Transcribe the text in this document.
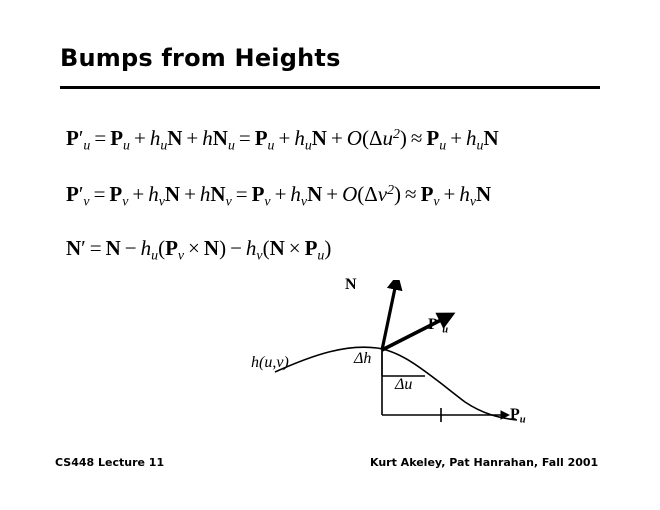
Bumps from Heights
$P'_u = P_u + h_uN + hN_u = P_u + h_uN + O(\Delta u^2) \approx P_u + h_uN$
$P'_v = P_v + h_vN + hN_v = P_v + h_vN + O(\Delta v^2) \approx P_v + h_vN$
$N' = N - h_u(P_v \times N) - h_v(N \times P_u)$
N
$P'_u$
h(u,v)	Δh
Δu
$P_u$
CS448 Lecture 11	Kurt Akeley, Pat Hanrahan, Fall 2001
